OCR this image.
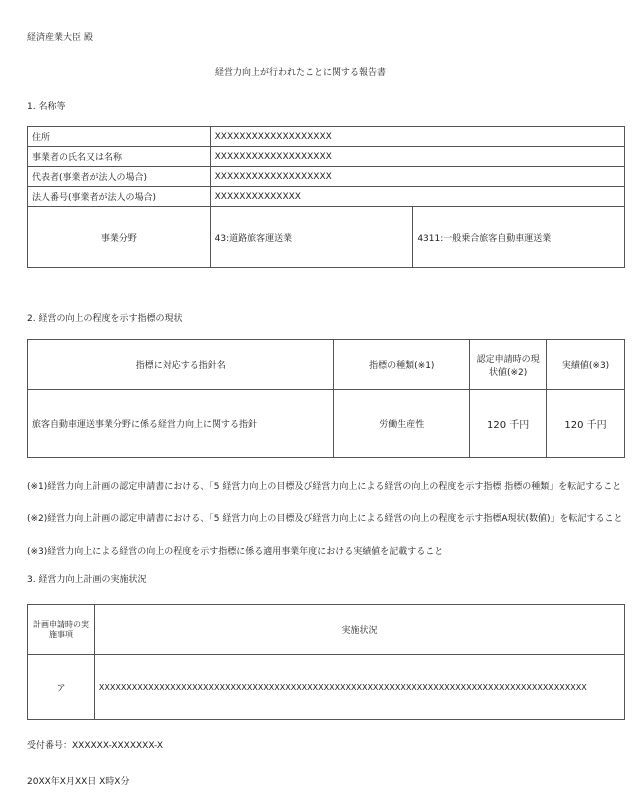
経済産業大臣 殿
経営力向上が行われたことに関する報告書
1. 名称等
住所	XXXXXXXXXXXXXXXXXXX	
事業者の氏名又は名称	XXXXXXXXXXXXXXXXXXX	
代表者(事業者が法人の場合)	XXXXXXXXXXXXXXXXXXX	
法人番号(事業者が法人の場合)	XXXXXXXXXXXXXX	
事業分野	43:道路旅客運送業	4311:一般乗合旅客自動車運送業
2. 経営の向上の程度を示す指標の現状
指標に対応する指針名	指標の種類(※1)	認定申請時の現状値(※2)	実績値(※3)
旅客自動車運送事業分野に係る経営力向上に関する指針	労働生産性	120 千円	120 千円
(※1)経営力向上計画の認定申請書における、「5 経営力向上の目標及び経営力向上による経営の向上の程度を示す指標 指標の種類」を転記すること
(※2)経営力向上計画の認定申請書における、「5 経営力向上の目標及び経営力向上による経営の向上の程度を示す指標A現状(数値)」を転記すること
(※3)経営力向上による経営の向上の程度を示す指標に係る適用事業年度における実績値を記載すること
3. 経営力向上計画の実施状況
計画申請時の実施事項	実施状況
ア	XXXXXXXXXXXXXXXXXXXXXXXXXXXXXXXXXXXXXXXXXXXXXXXXXXXXXXXXXXXXXXXXXXXXXXXXXXXXXXXXXXXXXXXXX
受付番号：XXXXXX-XXXXXXX-X
20XX年X月XX日 X時X分
